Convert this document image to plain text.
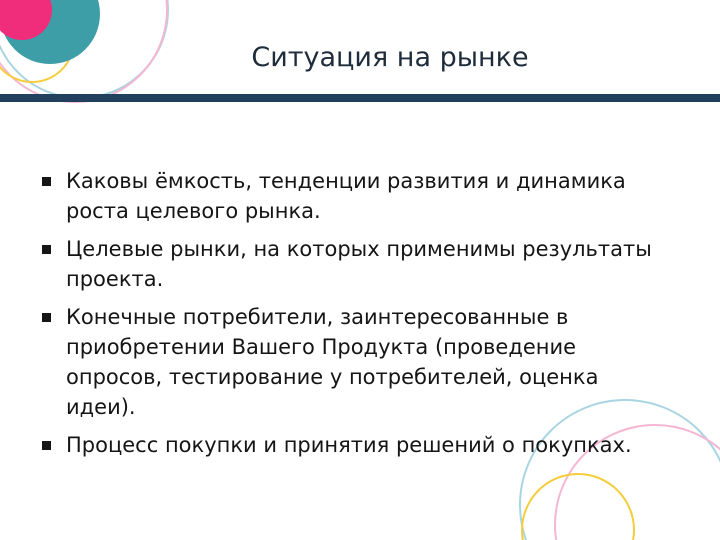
Ситуация на рынке
Каковы ёмкость, тенденции развития и динамика роста целевого рынка.
Целевые рынки, на которых применимы результаты проекта.
Конечные потребители, заинтересованные в приобретении Вашего Продукта (проведение опросов, тестирование у потребителей, оценка идеи).
Процесс покупки и принятия решений о покупках.
